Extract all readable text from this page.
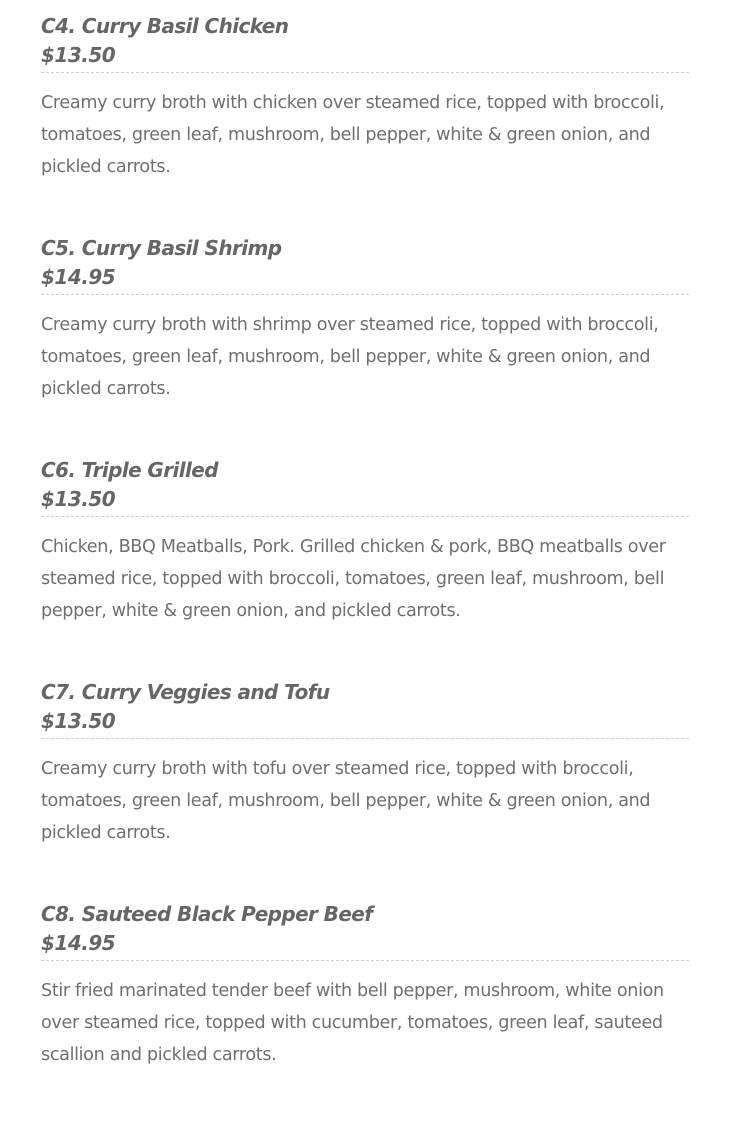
C4. Curry Basil Chicken
$13.50
Creamy curry broth with chicken over steamed rice, topped with broccoli, tomatoes, green leaf, mushroom, bell pepper, white & green onion, and pickled carrots.
C5. Curry Basil Shrimp
$14.95
Creamy curry broth with shrimp over steamed rice, topped with broccoli, tomatoes, green leaf, mushroom, bell pepper, white & green onion, and pickled carrots.
C6. Triple Grilled
$13.50
Chicken, BBQ Meatballs, Pork. Grilled chicken & pork, BBQ meatballs over steamed rice, topped with broccoli, tomatoes, green leaf, mushroom, bell pepper, white & green onion, and pickled carrots.
C7. Curry Veggies and Tofu
$13.50
Creamy curry broth with tofu over steamed rice, topped with broccoli, tomatoes, green leaf, mushroom, bell pepper, white & green onion, and pickled carrots.
C8. Sauteed Black Pepper Beef
$14.95
Stir fried marinated tender beef with bell pepper, mushroom, white onion over steamed rice, topped with cucumber, tomatoes, green leaf, sauteed scallion and pickled carrots.
